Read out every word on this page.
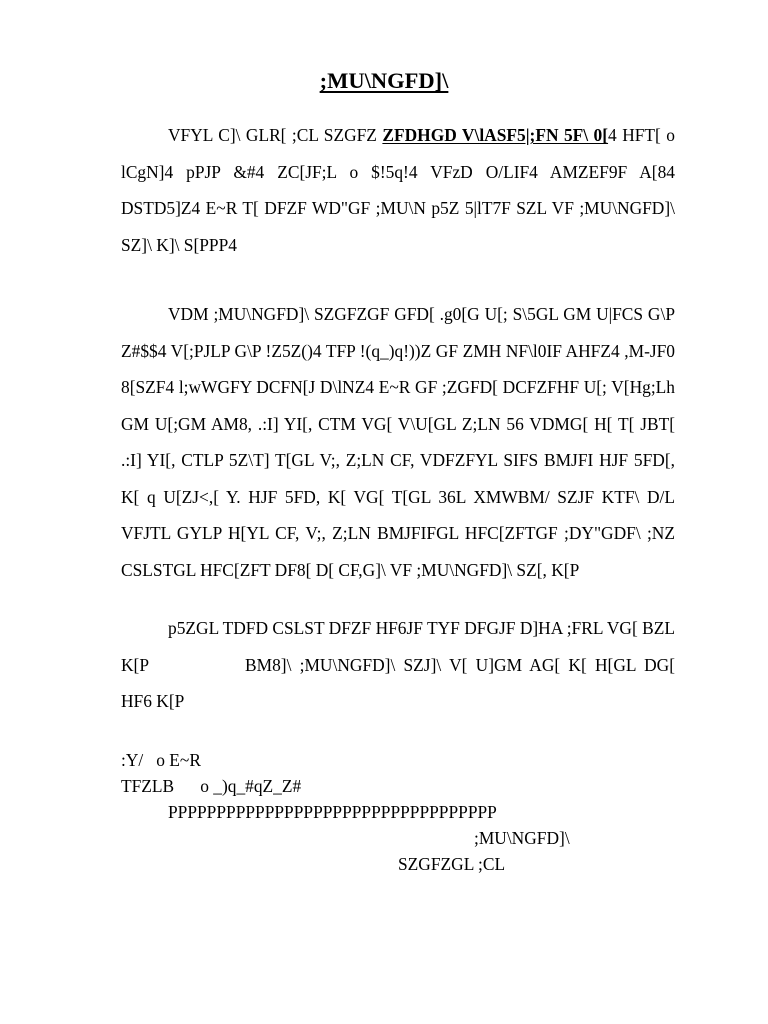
;MU\NGFD]\

VFYL C]\ GLR[ ;CL SZGFZ ZFDHGD V\lASF5|;FN 5F\ 0[4 HFT[ o lCgN]4 pPJP &#4 ZC[JF;L o $!5q!4 VFzD O/LIF4 AMZEF9F A[84 DSTD5]Z4 E~R T[ DFZF WD"GF ;MU\N p5Z 5|lT7F SZL VF ;MU\NGFD]\ SZ]\ K]\ S[PPP4

VDM ;MU\NGFD]\ SZGFZGF GFD[ .g0[G U[; S\5GL GM U|FCS G\P Z#$$4 V[;PJLP G\P !Z5Z()4 TFP !(q_)q!))Z GF ZMH NF\l0IF AHFZ4 ,M-JF0 8[SZF4 l;wWGFY DCFN[J D\lNZ4 E~R GF ;ZGFD[ DCFZFHF U[; V[Hg;Lh GM U[;GM AM8, .:I] YI[, CTM VG[ V\U[GL Z;LN 56 VDMG[ H[ T[ JBT[ .:I] YI[, CTLP 5Z\T] T[GL V;, Z;LN CF, VDFZFYL SIFS BMJFI HJF 5FD[, K[ q U[ZJ<,[ Y. HJF 5FD, K[ VG[ T[GL 36L XMWBM/ SZJF KTF\ D/L VFJTL GYLP H[YL CF, V;, Z;LN BMJFIFGL HFC[ZFTGF ;DY"GDF\ ;NZ CSLSTGL HFC[ZFT DF8[ D[ CF,G]\ VF ;MU\NGFD]\ SZ[, K[P

p5ZGL TDFD CSLST DFZF HF6JF TYF DFGJF D]HA ;FRL VG[ BZL K[P	BM8]\ ;MU\NGFD]\ SZJ]\ V[ U]GM AG[ K[ H[GL DG[ HF6 K[P

:Y/   o E~R

TFZLB      o _)q_#qZ_Z#

PPPPPPPPPPPPPPPPPPPPPPPPPPPPPPPPPP

;MU\NGFD]\

SZGFZGL ;CL
